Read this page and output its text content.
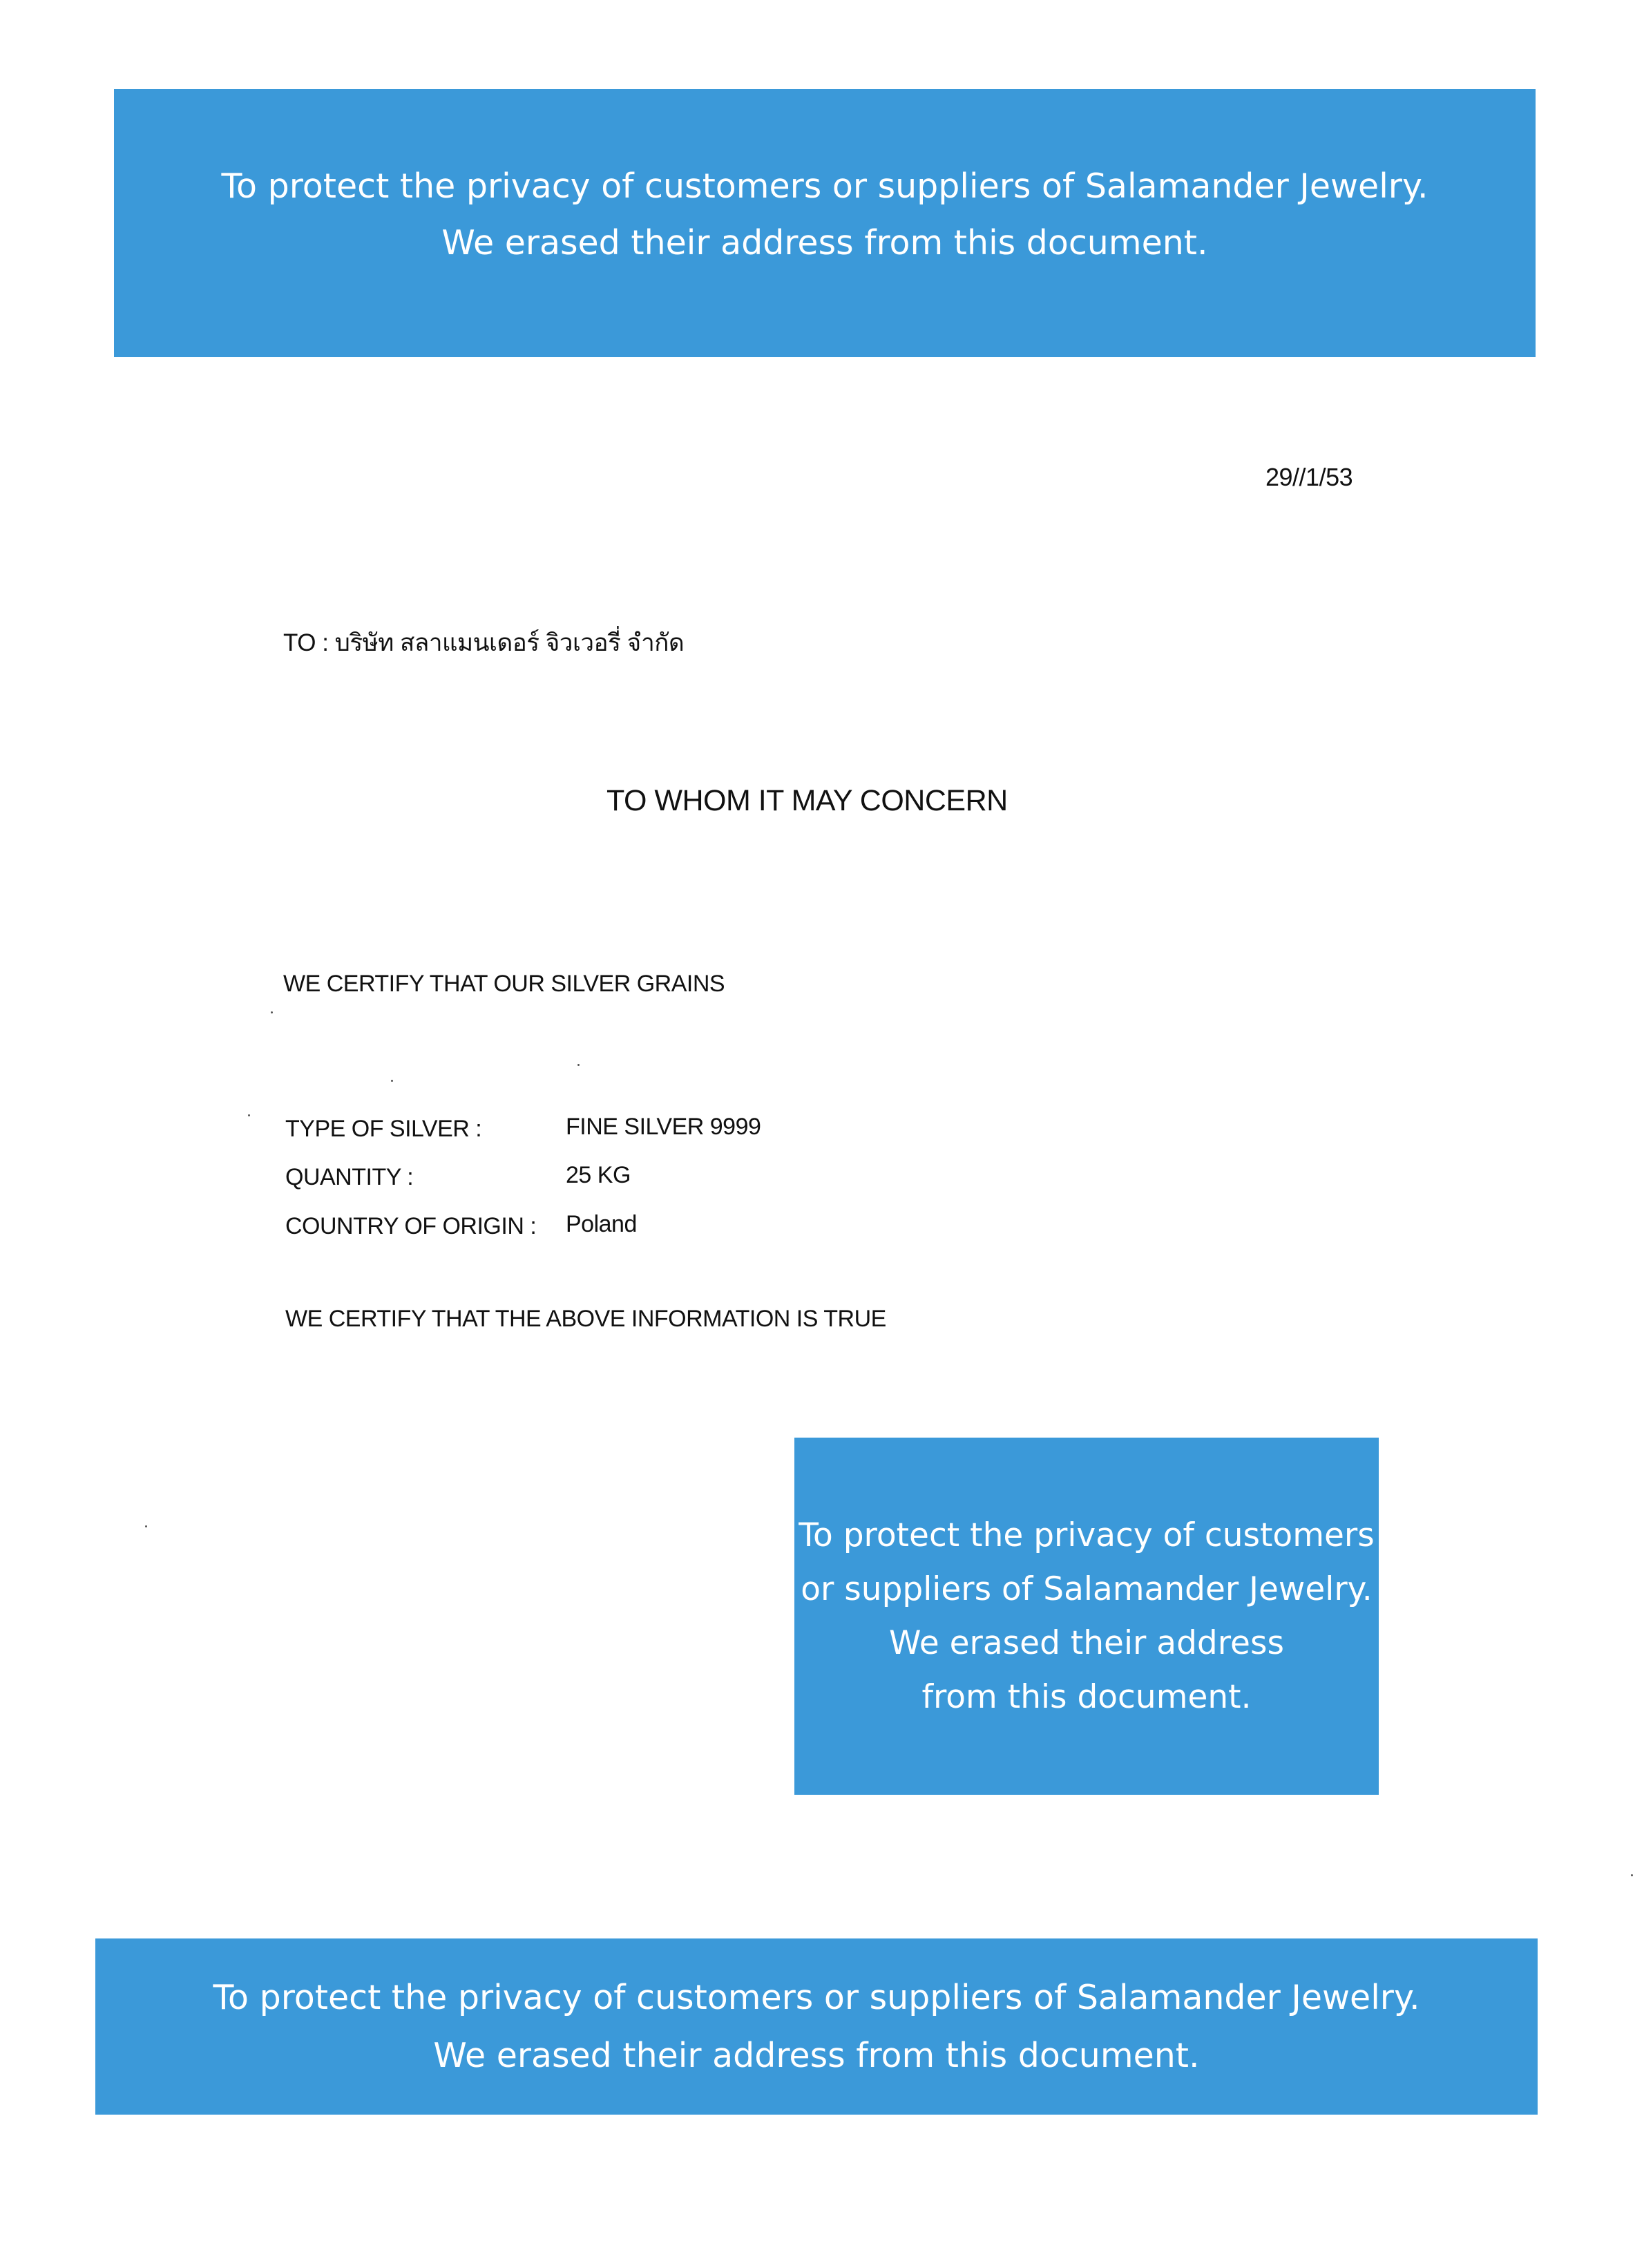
To protect the privacy of customers or suppliers of Salamander Jewelry.
We erased their address from this document.
29//1/53
TO : บริษัท สลาแมนเดอร์ จิวเวอรี่ จำกัด
TO WHOM IT MAY CONCERN
WE CERTIFY THAT OUR SILVER GRAINS
TYPE OF SILVER :	FINE SILVER 9999
QUANTITY :	25 KG
COUNTRY OF ORIGIN : Poland
WE CERTIFY THAT THE ABOVE INFORMATION IS TRUE
To protect the privacy of customers
or suppliers of Salamander Jewelry.
We erased their address
from this document.
To protect the privacy of customers or suppliers of Salamander Jewelry.
We erased their address from this document.
